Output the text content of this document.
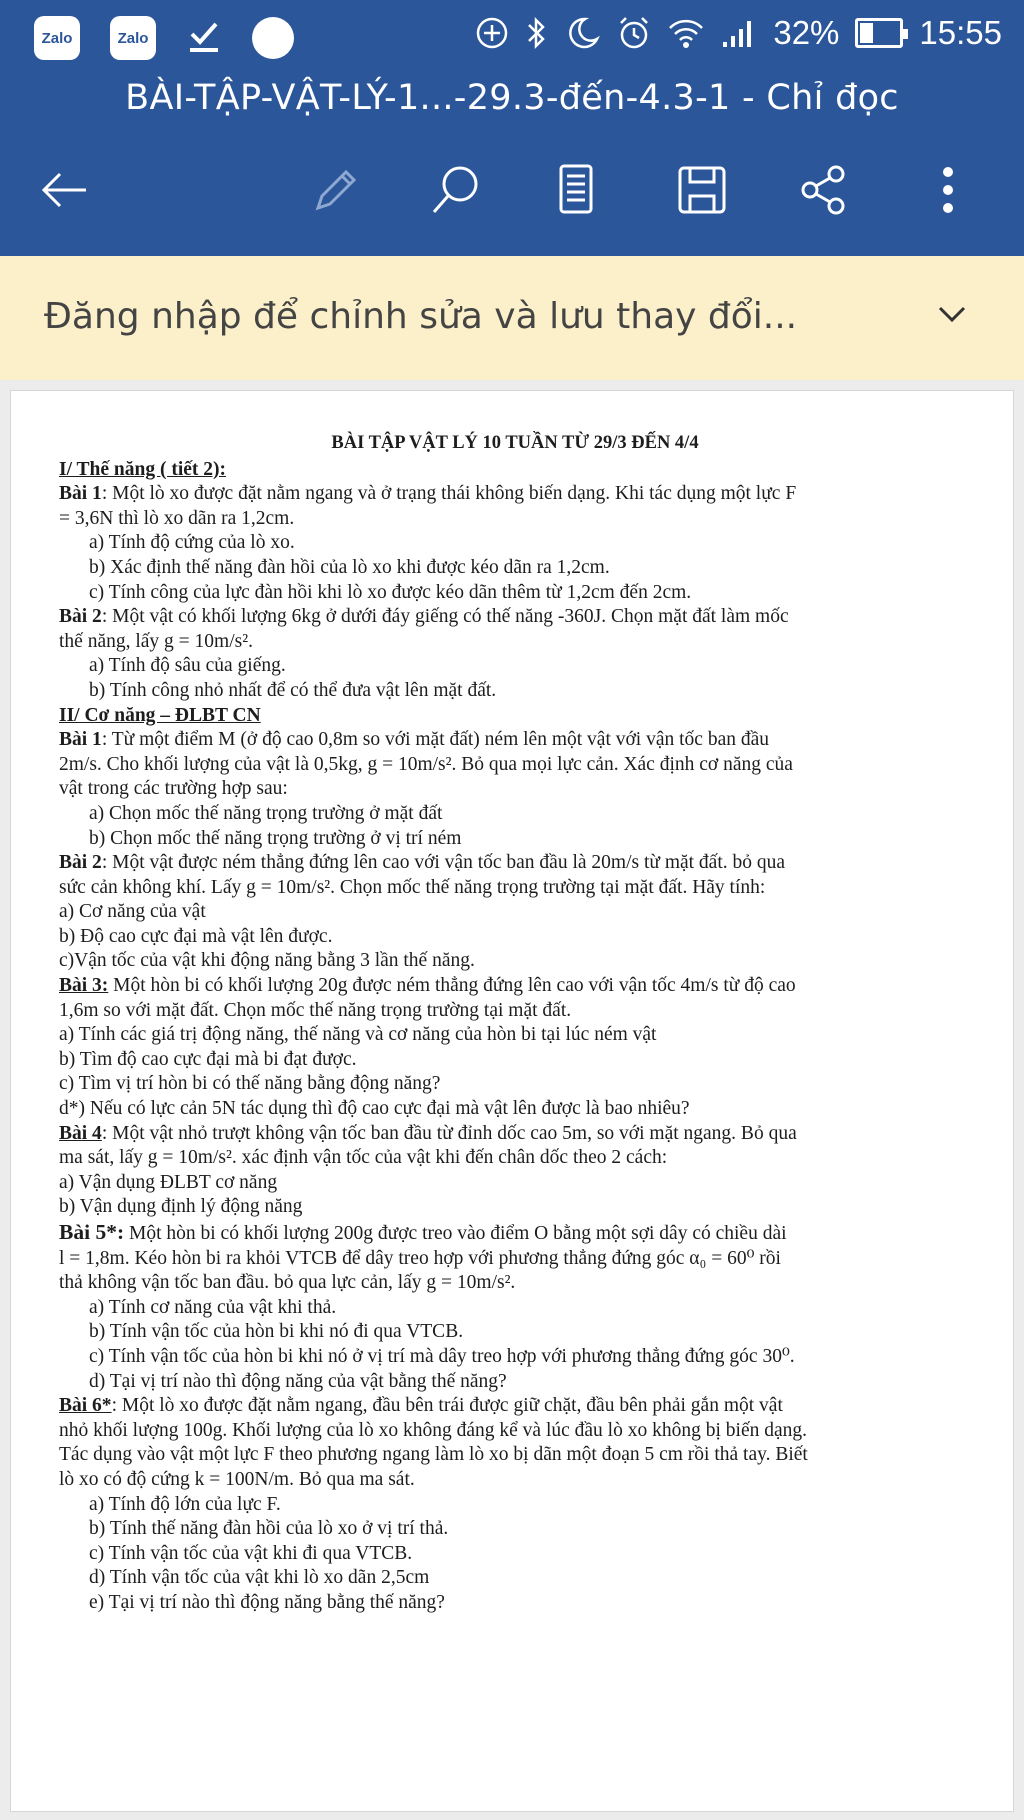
Zalo	Zalo	32% 15:55
BÀI-TẬP-VẬT-LÝ-1...-29.3-đến-4.3-1 - Chỉ đọc
Đăng nhập để chỉnh sửa và lưu thay đổi...
BÀI TẬP VẬT LÝ 10 TUẦN TỪ 29/3 ĐẾN 4/4
I/ Thế năng ( tiết 2):
Bài 1: Một lò xo được đặt nằm ngang và ở trạng thái không biến dạng. Khi tác dụng một lực F
= 3,6N thì lò xo dãn ra 1,2cm.
a) Tính độ cứng của lò xo.
b) Xác định thế năng đàn hồi của lò xo khi được kéo dãn ra 1,2cm.
c) Tính công của lực đàn hồi khi lò xo được kéo dãn thêm từ 1,2cm đến 2cm.
Bài 2: Một vật có khối lượng 6kg ở dưới đáy giếng có thế năng -360J. Chọn mặt đất làm mốc
thế năng, lấy g = 10m/s².
a) Tính độ sâu của giếng.
b) Tính công nhỏ nhất để có thể đưa vật lên mặt đất.
II/ Cơ năng – ĐLBT CN
Bài 1: Từ một điểm M (ở độ cao 0,8m so với mặt đất) ném lên một vật với vận tốc ban đầu
2m/s. Cho khối lượng của vật là 0,5kg, g = 10m/s². Bỏ qua mọi lực cản. Xác định cơ năng của
vật trong các trường hợp sau:
a) Chọn mốc thế năng trọng trường ở mặt đất
b) Chọn mốc thế năng trọng trường ở vị trí ném
Bài 2: Một vật được ném thẳng đứng lên cao với vận tốc ban đầu là 20m/s từ mặt đất. bỏ qua
sức cản không khí. Lấy g = 10m/s². Chọn mốc thế năng trọng trường tại mặt đất. Hãy tính:
a) Cơ năng của vật
b) Độ cao cực đại mà vật lên được.
c)Vận tốc của vật khi động năng bằng 3 lần thế năng.
Bài 3: Một hòn bi có khối lượng 20g được ném thẳng đứng lên cao với vận tốc 4m/s từ độ cao
1,6m so với mặt đất. Chọn mốc thế năng trọng trường tại mặt đất.
a) Tính các giá trị động năng, thế năng và cơ năng của hòn bi tại lúc ném vật
b) Tìm độ cao cực đại mà bi đạt được.
c) Tìm vị trí hòn bi có thế năng bằng động năng?
d*) Nếu có lực cản 5N tác dụng thì độ cao cực đại mà vật lên được là bao nhiêu?
Bài 4: Một vật nhỏ trượt không vận tốc ban đầu từ đỉnh dốc cao 5m, so với mặt ngang. Bỏ qua
ma sát, lấy g = 10m/s². xác định vận tốc của vật khi đến chân dốc theo 2 cách:
a) Vận dụng ĐLBT cơ năng
b) Vận dụng định lý động năng
Bài 5*: Một hòn bi có khối lượng 200g được treo vào điểm O bằng một sợi dây có chiều dài
l = 1,8m. Kéo hòn bi ra khỏi VTCB để dây treo hợp với phương thẳng đứng góc α₀ = 60⁰ rồi
thả không vận tốc ban đầu. bỏ qua lực cản, lấy g = 10m/s².
a) Tính cơ năng của vật khi thả.
b) Tính vận tốc của hòn bi khi nó đi qua VTCB.
c) Tính vận tốc của hòn bi khi nó ở vị trí mà dây treo hợp với phương thẳng đứng góc 30⁰.
d) Tại vị trí nào thì động năng của vật bằng thế năng?
Bài 6*: Một lò xo được đặt nằm ngang, đầu bên trái được giữ chặt, đầu bên phải gắn một vật
nhỏ khối lượng 100g. Khối lượng của lò xo không đáng kể và lúc đầu lò xo không bị biến dạng.
Tác dụng vào vật một lực F theo phương ngang làm lò xo bị dãn một đoạn 5 cm rồi thả tay. Biết
lò xo có độ cứng k = 100N/m. Bỏ qua ma sát.
a) Tính độ lớn của lực F.
b) Tính thế năng đàn hồi của lò xo ở vị trí thả.
c) Tính vận tốc của vật khi đi qua VTCB.
d) Tính vận tốc của vật khi lò xo dãn 2,5cm
e) Tại vị trí nào thì động năng bằng thế năng?
